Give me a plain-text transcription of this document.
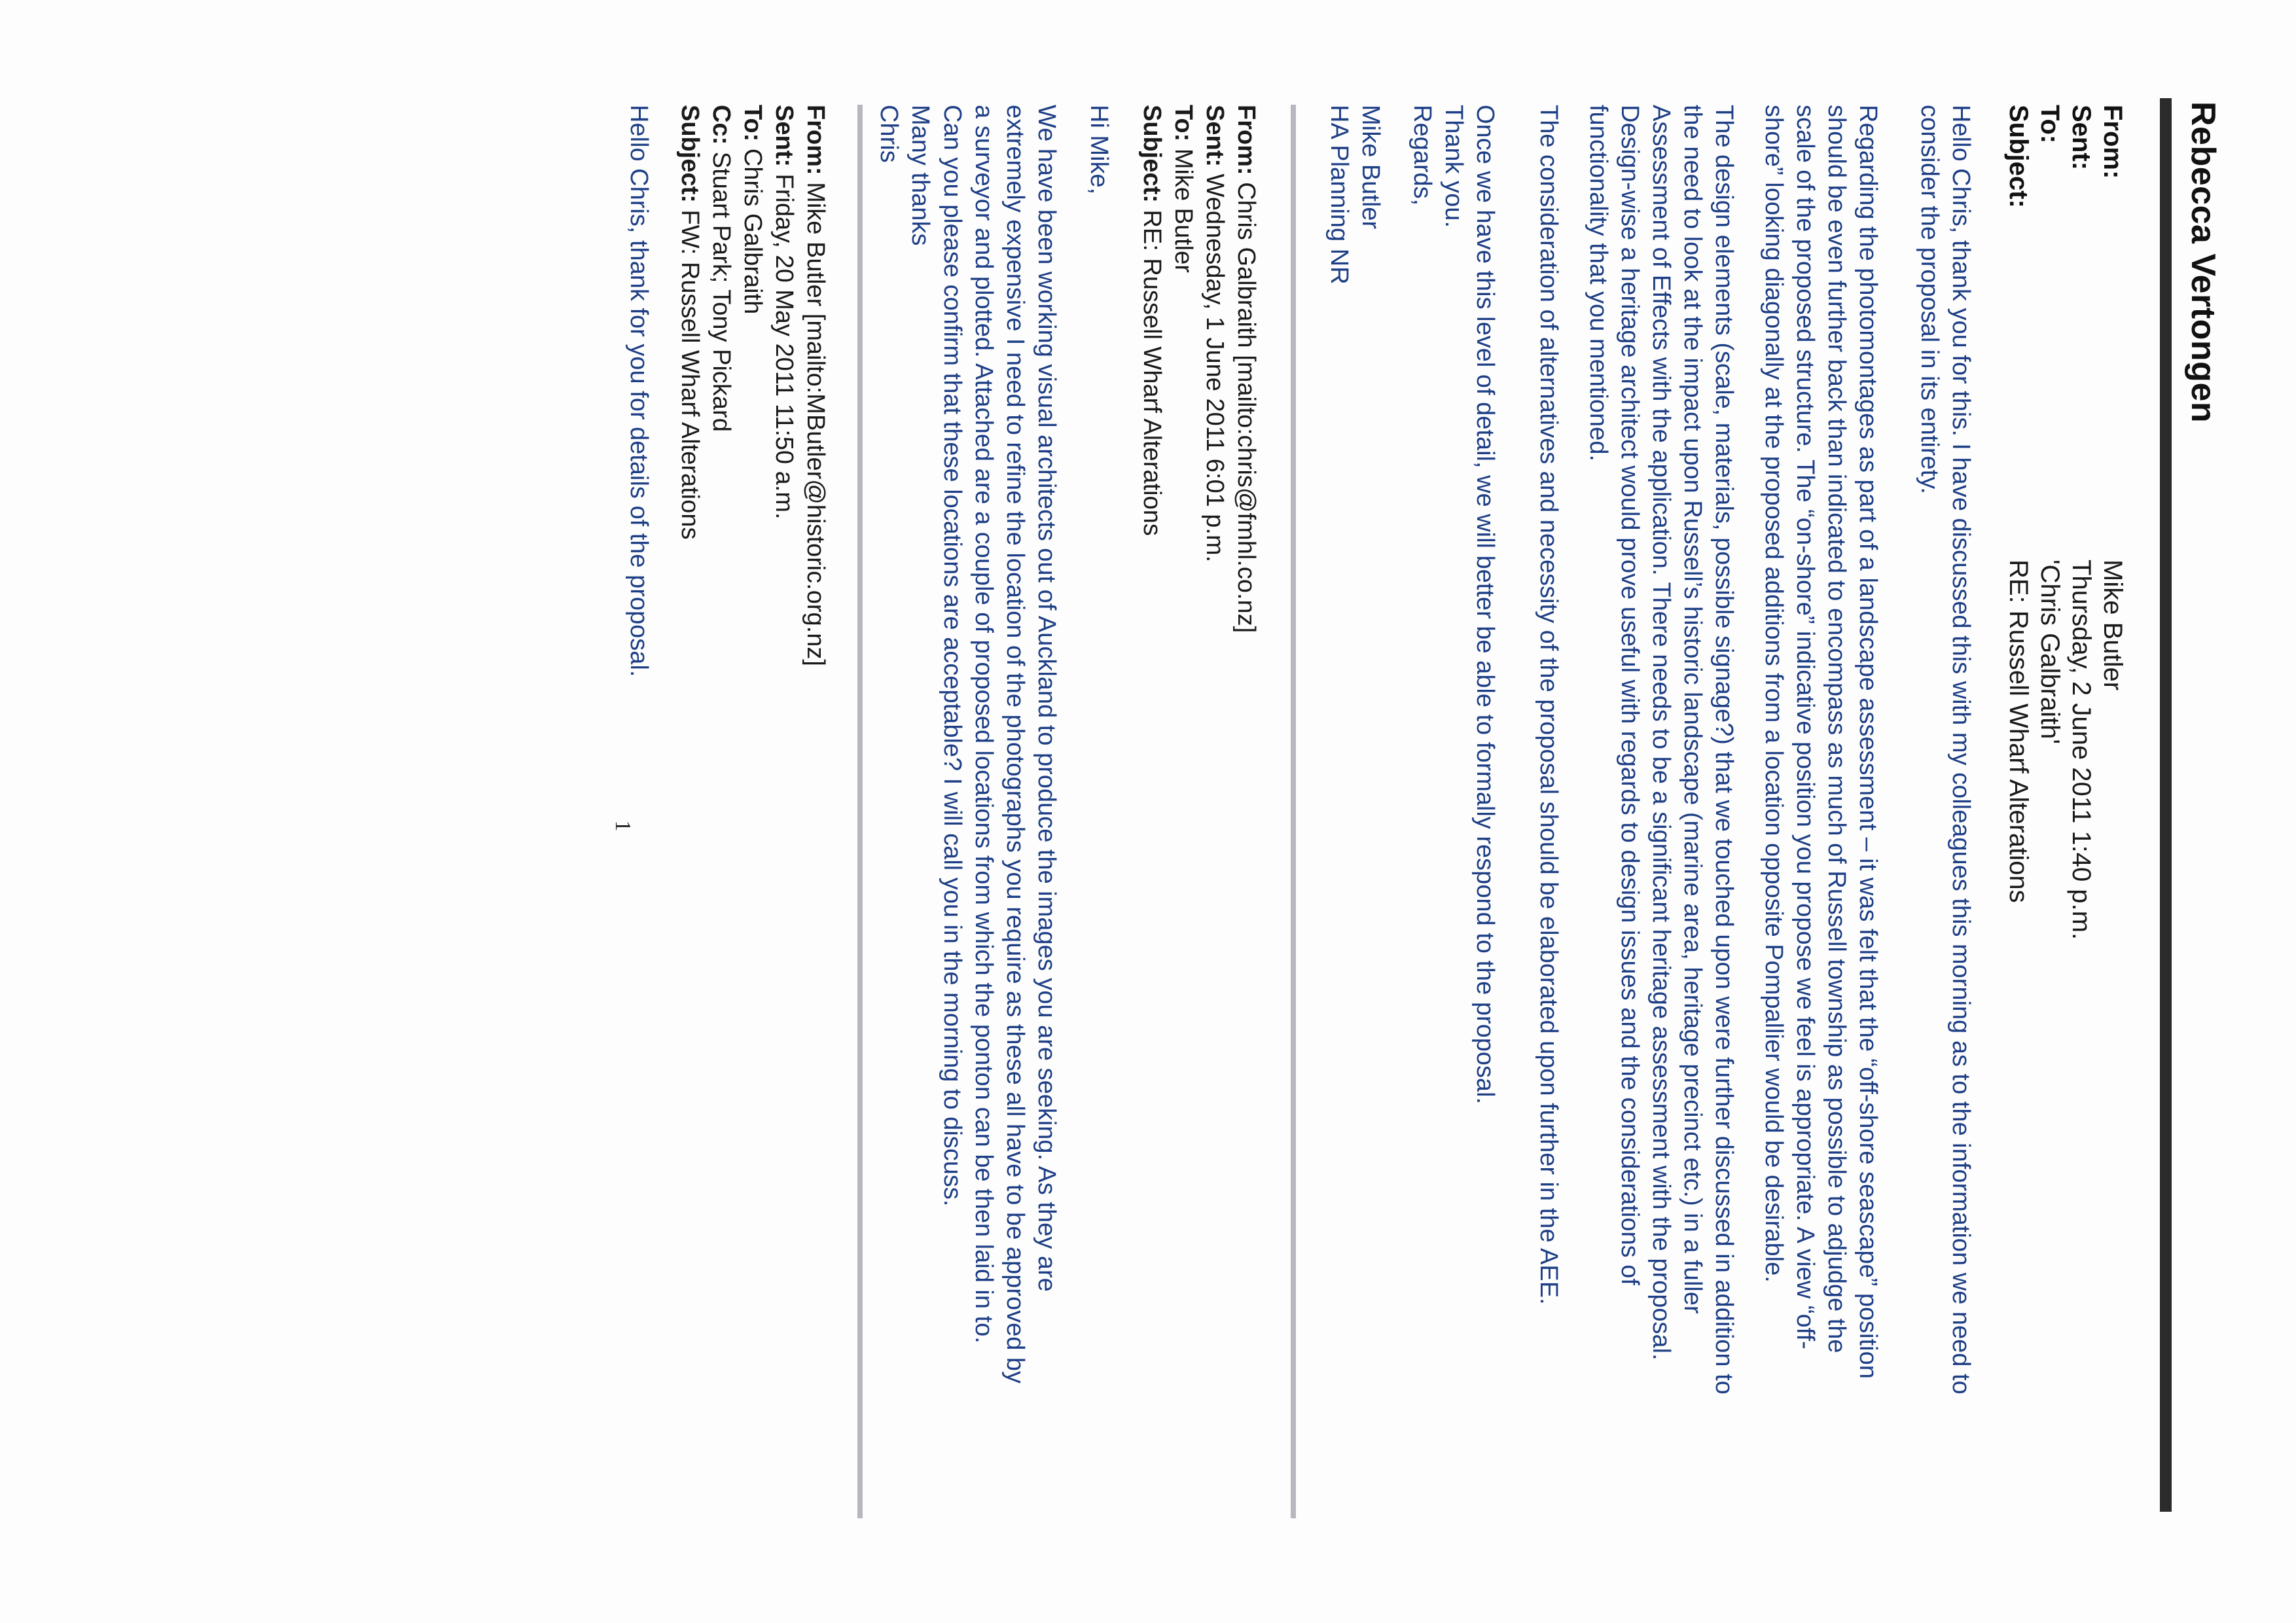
Rebecca Vertongen
From:
Mike Butler
Sent:
Thursday, 2 June 2011 1:40 p.m.
To:
'Chris Galbraith'
Subject:
RE: Russell Wharf Alterations
Hello Chris, thank you for this. I have discussed this with my colleagues this morning as to the information we need to
consider the proposal in its entirety.
Regarding the photomontages as part of a landscape assessment – it was felt that the “off-shore seascape” position
should be even further back than indicated to encompass as much of Russell township as possible to adjudge the
scale of the proposed structure. The “on-shore” indicative position you propose we feel is appropriate. A view “off-
shore” looking diagonally at the proposed additions from a location opposite Pompallier would be desirable.
The design elements (scale, materials, possible signage?) that we touched upon were further discussed in addition to
the need to look at the impact upon Russell’s historic landscape (marine area, heritage precinct etc.) in a fuller
Assessment of Effects with the application. There needs to be a significant heritage assessment with the proposal.
Design-wise a heritage architect would prove useful with regards to design issues and the considerations of
functionality that you mentioned.
The consideration of alternatives and necessity of the proposal should be elaborated upon further in the AEE.
Once we have this level of detail, we will better be able to formally respond to the proposal.
Thank you.
Regards,
Mike Butler
HA Planning NR
From: Chris Galbraith [mailto:chris@fmhl.co.nz]
Sent: Wednesday, 1 June 2011 6:01 p.m.
To: Mike Butler
Subject: RE: Russell Wharf Alterations
Hi Mike,
We have been working visual architects out of Auckland to produce the images you are seeking. As they are
extremely expensive I need to refine the location of the photographs you require as these all have to be approved by
a surveyor and plotted. Attached are a couple of proposed locations from which the ponton can be then laid in to.
Can you please confirm that these locations are acceptable? I will call you in the morning to discuss.
Many thanks
Chris
From: Mike Butler [mailto:MButler@historic.org.nz]
Sent: Friday, 20 May 2011 11:50 a.m.
To: Chris Galbraith
Cc: Stuart Park; Tony Pickard
Subject: FW: Russell Wharf Alterations
Hello Chris, thank for you for details of the proposal.
1
